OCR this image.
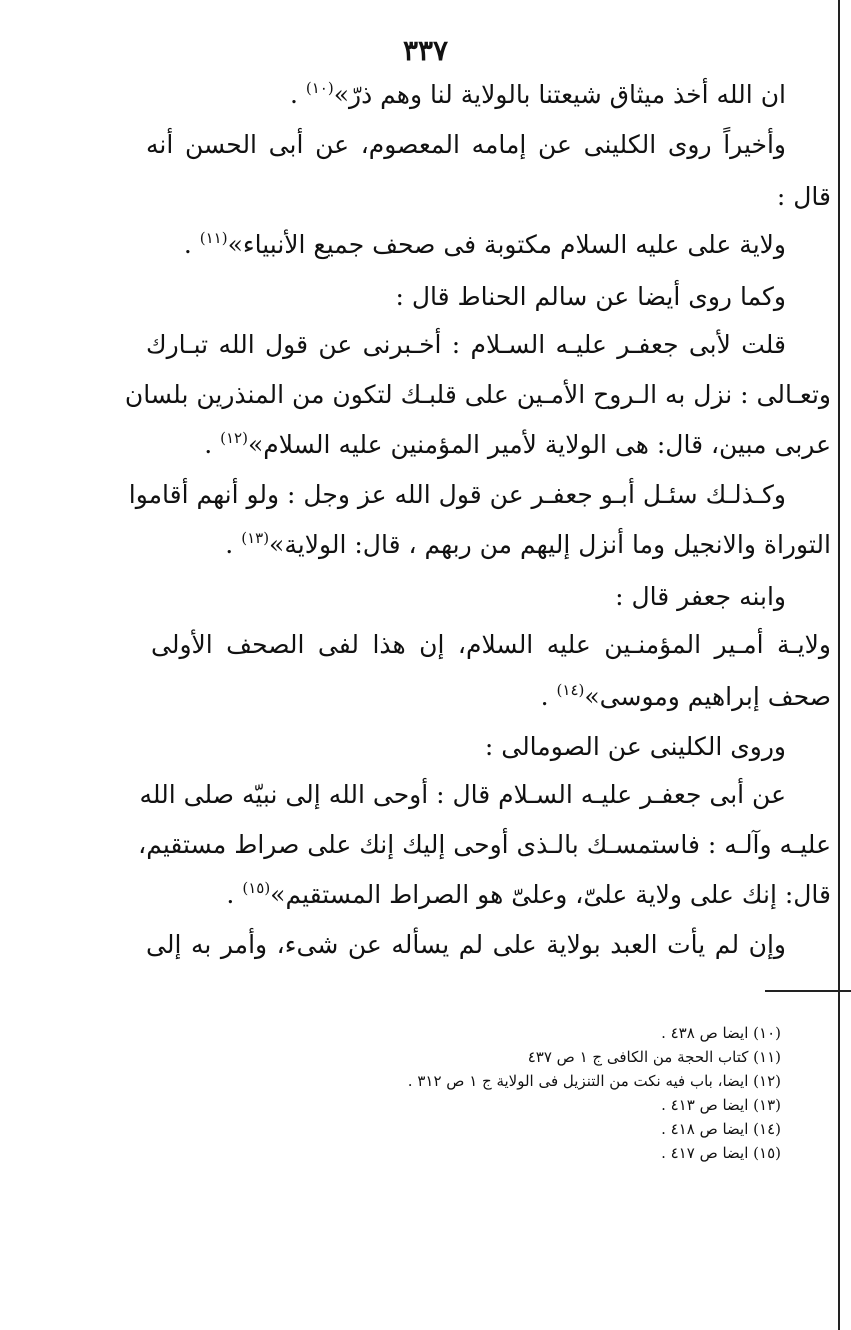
٣٣٧
ان الله أخذ ميثاق شيعتنا بالولاية لنا وهم ذرّ»$^{(١٠)}$ .
وأخيراً روى الكلينى عن إمامه المعصوم، عن أبى الحسن أنه
قال :
ولاية على عليه السلام مكتوبة فى صحف جميع الأنبياء»$^{(١١)}$ .
وكما روى أيضا عن سالم الحناط قال :
قلت لأبى جعفـر عليـه السـلام : أخـبرنى عن قول الله تبـارك
وتعـالى : نزل به الـروح الأمـين على قلبـك لتكون من المنذرين بلسان
عربى مبين، قال: هى الولاية لأمير المؤمنين عليه السلام»$^{(١٢)}$ .
وكـذلـك سئـل أبـو جعفـر عن قول الله عز وجل : ولو أنهم أقاموا
التوراة والانجيل وما أنزل إليهم من ربهم ، قال: الولاية»$^{(١٣)}$ .
وابنه جعفر قال :
ولايـة أمـير المؤمنـين عليه السلام، إن هذا لفى الصحف الأولى
صحف إبراهيم وموسى»$^{(١٤)}$ .
وروى الكلينى عن الصومالى :
عن أبى جعفـر عليـه السـلام قال : أوحى الله إلى نبيّه صلى الله
عليـه وآلـه : فاستمسـك بالـذى أوحى إليك إنك على صراط مستقيم،
قال: إنك على ولاية علىّ، وعلىّ هو الصراط المستقيم»$^{(١٥)}$ .
وإن لم يأت العبد بولاية على لم يسأله عن شىء، وأمر به إلى
(١٠) ايضا ص ٤٣٨ .
(١١) كتاب الحجة من الكافى ج ١ ص ٤٣٧
(١٢) ايضا، باب فيه نكت من التنزيل فى الولاية ج ١ ص ٣١٢ .
(١٣) ايضا ص ٤١٣ .
(١٤) ايضا ص ٤١٨ .
(١٥) ايضا ص ٤١٧ .
